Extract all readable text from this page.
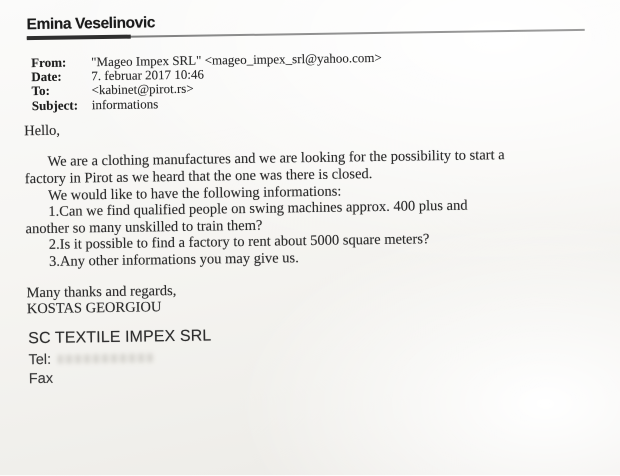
Emina Veselinovic
From:	"Mageo Impex SRL" <mageo_impex_srl@yahoo.com>
Date:	7. februar 2017 10:46
To:	<kabinet@pirot.rs>
Subject:	informations
Hello,
We are a clothing manufactures and we are looking for the possibility to start a
factory in Pirot as we heard that the one was there is closed.
We would like to have the following informations:
1.Can we find qualified people on swing machines approx. 400 plus and
another so many unskilled to train them?
2.Is it possible to find a factory to rent about 5000 square meters?
3.Any other informations you may give us.
Many thanks and regards,
KOSTAS GEORGIOU
SC TEXTILE IMPEX SRL
Tel:
Fax
